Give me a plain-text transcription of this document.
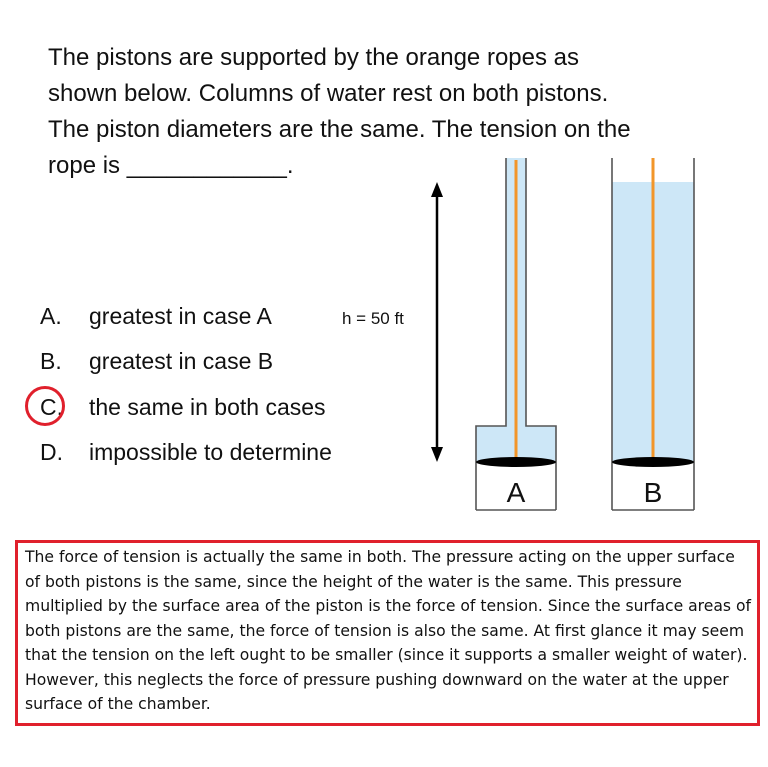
The pistons are supported by the orange ropes as
shown below. Columns of water rest on both pistons.
The piston diameters are the same. The tension on the
rope is ____________.

h = 50 ft
A	B
A.	greatest in case A
B.	greatest in case B
C.	the same in both cases
D.	impossible to determine
The force of tension is actually the same in both. The pressure acting on the upper surface of both pistons is the same, since the height of the water is the same. This pressure multiplied by the surface area of the piston is the force of tension. Since the surface areas of both pistons are the same, the force of tension is also the same. At first glance it may seem that the tension on the left ought to be smaller (since it supports a smaller weight of water). However, this neglects the force of pressure pushing downward on the water at the upper surface of the chamber.
